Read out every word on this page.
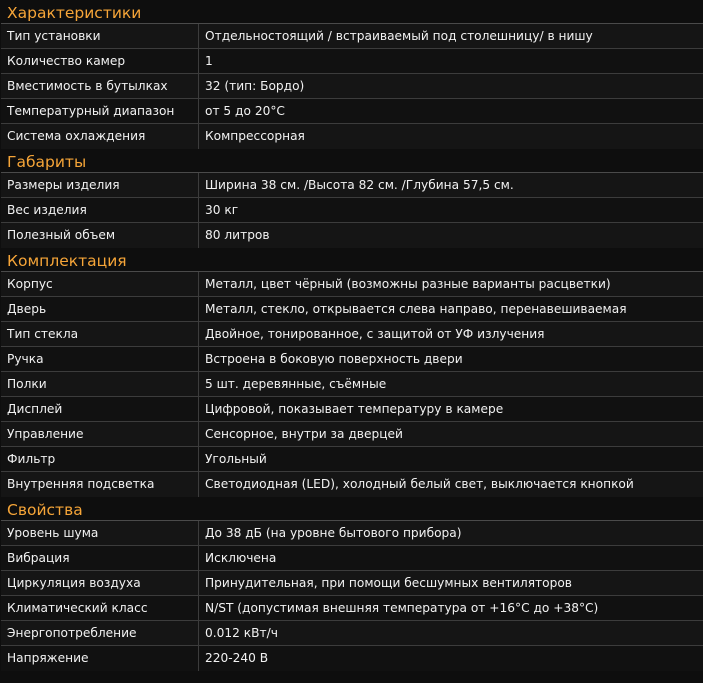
Характеристики
Тип установки	Отдельностоящий / встраиваемый под столешницу/ в нишу
Количество камер	1
Вместимость в бутылках	32 (тип: Бордо)
Температурный диапазон	от 5 до 20°С
Система охлаждения	Компрессорная
Габариты
Размеры изделия	Ширина 38 см. /Высота 82 см. /Глубина 57,5 см.
Вес изделия	30 кг
Полезный объем	80 литров
Комплектация
Корпус	Металл, цвет чёрный (возможны разные варианты расцветки)
Дверь	Металл, стекло, открывается слева направо, перенавешиваемая
Тип стекла	Двойное, тонированное, с защитой от УФ излучения
Ручка	Встроена в боковую поверхность двери
Полки	5 шт. деревянные, съёмные
Дисплей	Цифровой, показывает температуру в камере
Управление	Сенсорное, внутри за дверцей
Фильтр	Угольный
Внутренняя подсветка	Светодиодная (LED), холодный белый свет, выключается кнопкой
Свойства
Уровень шума	До 38 дБ (на уровне бытового прибора)
Вибрация	Исключена
Циркуляция воздуха	Принудительная, при помощи бесшумных вентиляторов
Климатический класс	N/ST (допустимая внешняя температура от +16°С до +38°С)
Энергопотребление	0.012 кВт/ч
Напряжение	220-240 В
